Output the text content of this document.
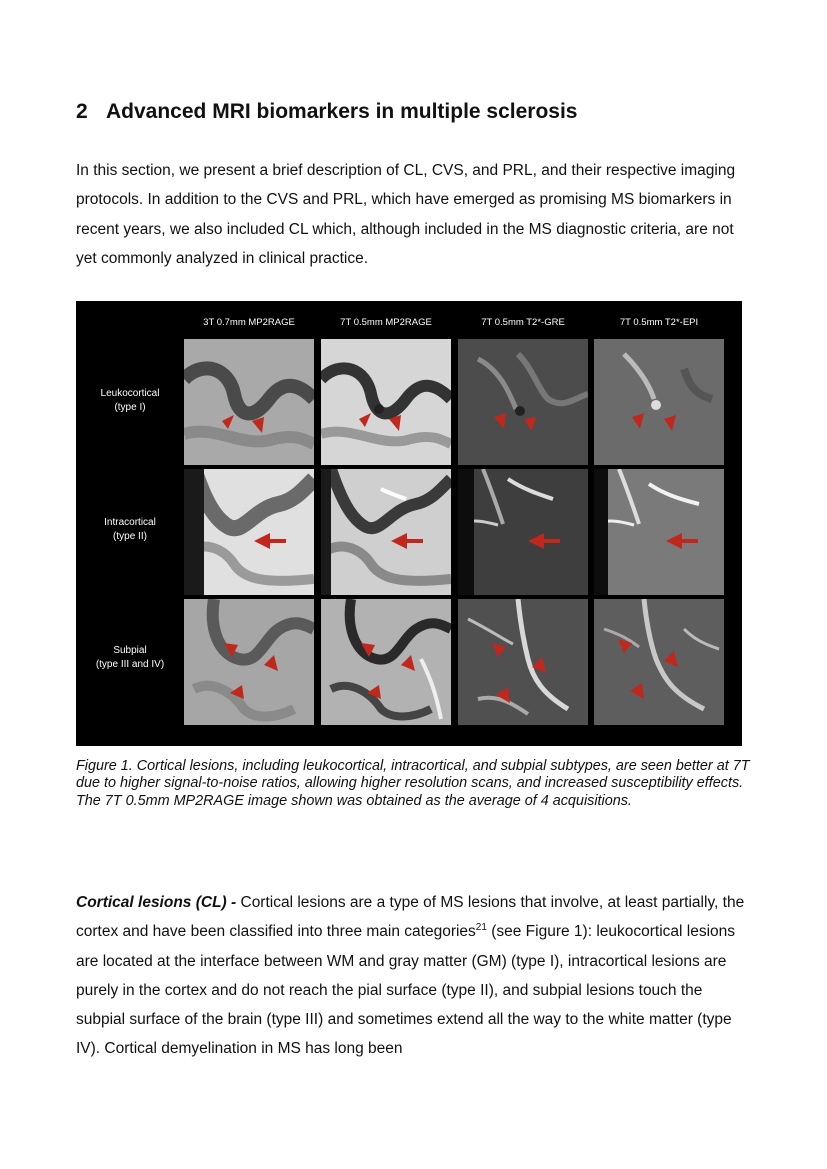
2 Advanced MRI biomarkers in multiple sclerosis

In this section, we present a brief description of CL, CVS, and PRL, and their respective imaging protocols. In addition to the CVS and PRL, which have emerged as promising MS biomarkers in recent years, we also included CL which, although included in the MS diagnostic criteria, are not yet commonly analyzed in clinical practice.

3T 0.7mm MP2RAGE	7T 0.5mm MP2RAGE	7T 0.5mm T2*-GRE	7T 0.5mm T2*-EPI
Leukocortical
(type I)
Intracortical
(type II)
Subpial
(type III and IV)

Figure 1. Cortical lesions, including leukocortical, intracortical, and subpial subtypes, are seen better at 7T due to higher signal-to-noise ratios, allowing higher resolution scans, and increased susceptibility effects. The 7T 0.5mm MP2RAGE image shown was obtained as the average of 4 acquisitions.

Cortical lesions (CL) - Cortical lesions are a type of MS lesions that involve, at least partially, the cortex and have been classified into three main categories$^{21}$ (see Figure 1): leukocortical lesions are located at the interface between WM and gray matter (GM) (type I), intracortical lesions are purely in the cortex and do not reach the pial surface (type II), and subpial lesions touch the subpial surface of the brain (type III) and sometimes extend all the way to the white matter (type IV). Cortical demyelination in MS has long been
